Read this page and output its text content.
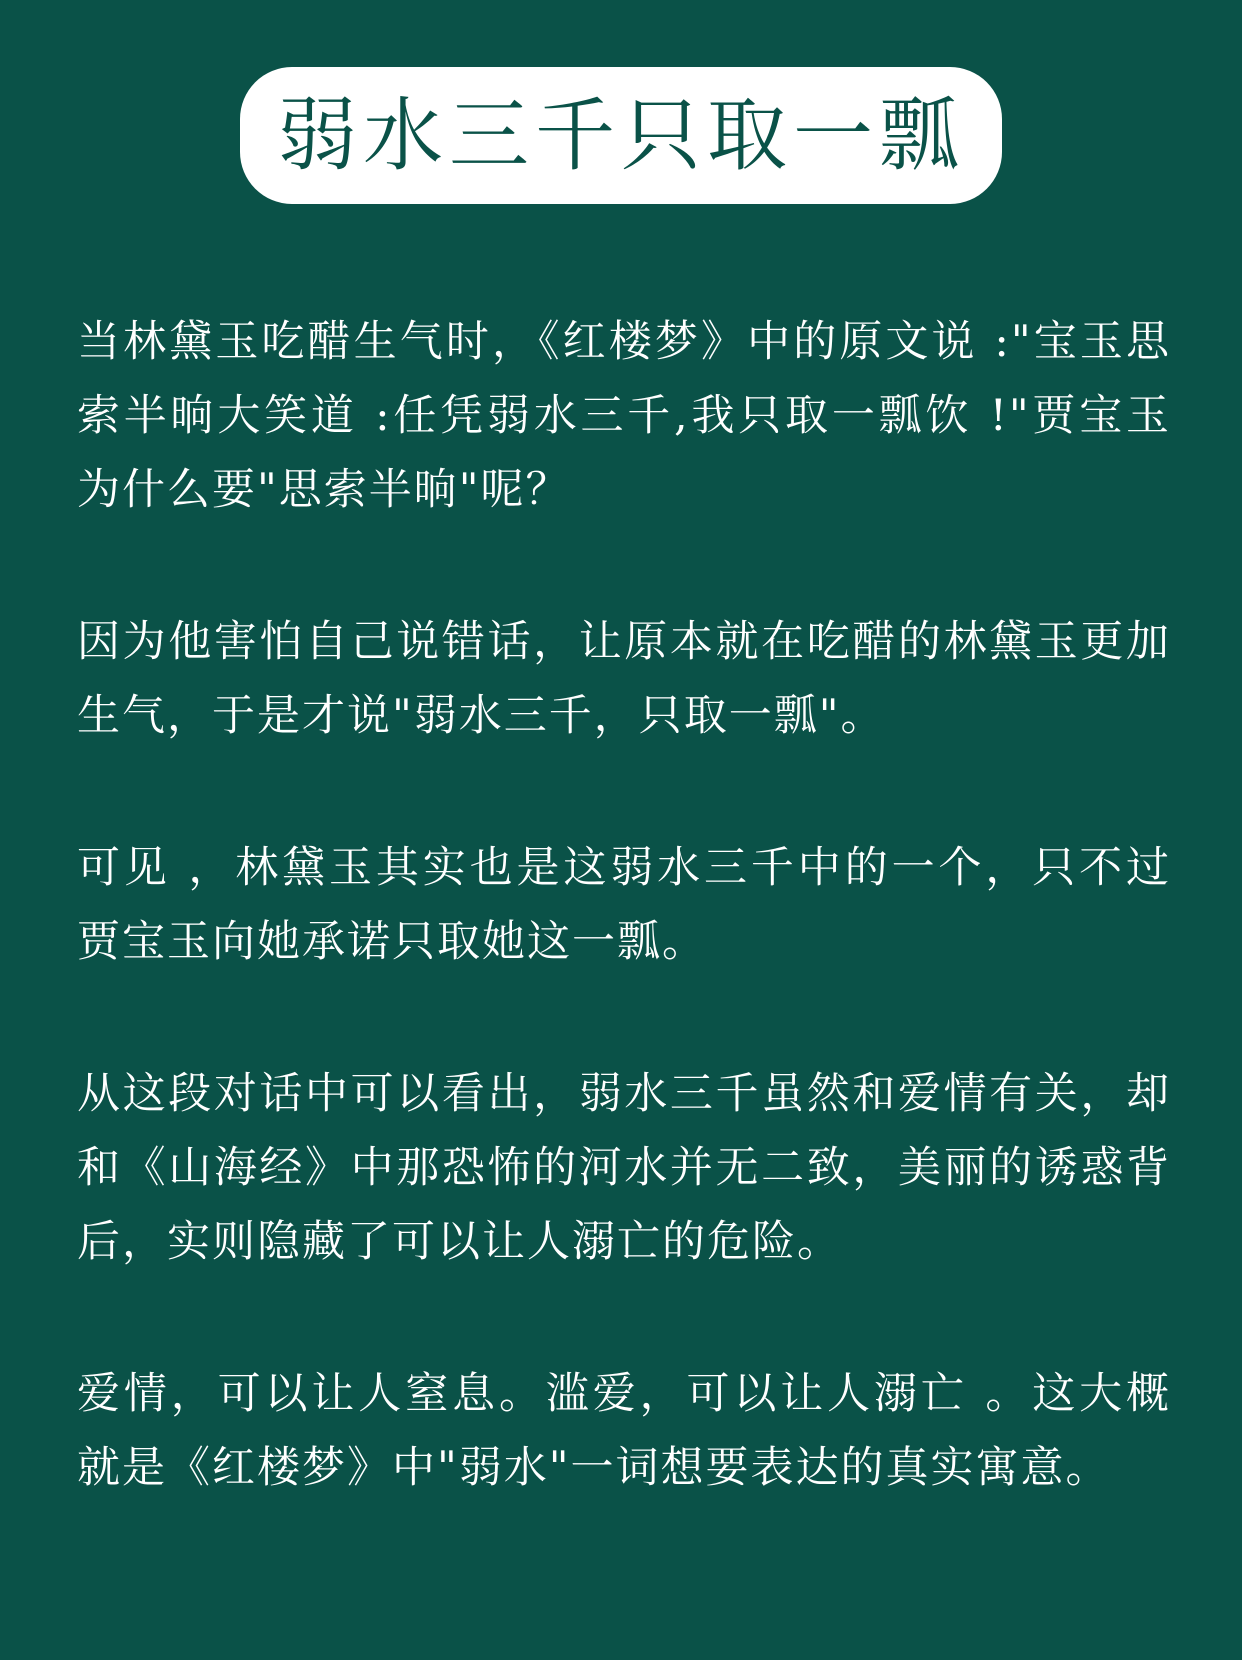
弱水三千只取一瓢

当林黛玉吃醋生气时，《红楼梦》中的原文说 :"宝玉思索半晌大笑道 :任凭弱水三千,我只取一瓢饮 !"贾宝玉为什么要"思索半晌"呢？

因为他害怕自己说错话，让原本就在吃醋的林黛玉更加生气，于是才说"弱水三千，只取一瓢"。

可见 ，林黛玉其实也是这弱水三千中的一个，只不过贾宝玉向她承诺只取她这一瓢。

从这段对话中可以看出，弱水三千虽然和爱情有关，却和《山海经》中那恐怖的河水并无二致，美丽的诱惑背后，实则隐藏了可以让人溺亡的危险。

爱情，可以让人窒息。滥爱，可以让人溺亡 。这大概就是《红楼梦》中"弱水"一词想要表达的真实寓意。
